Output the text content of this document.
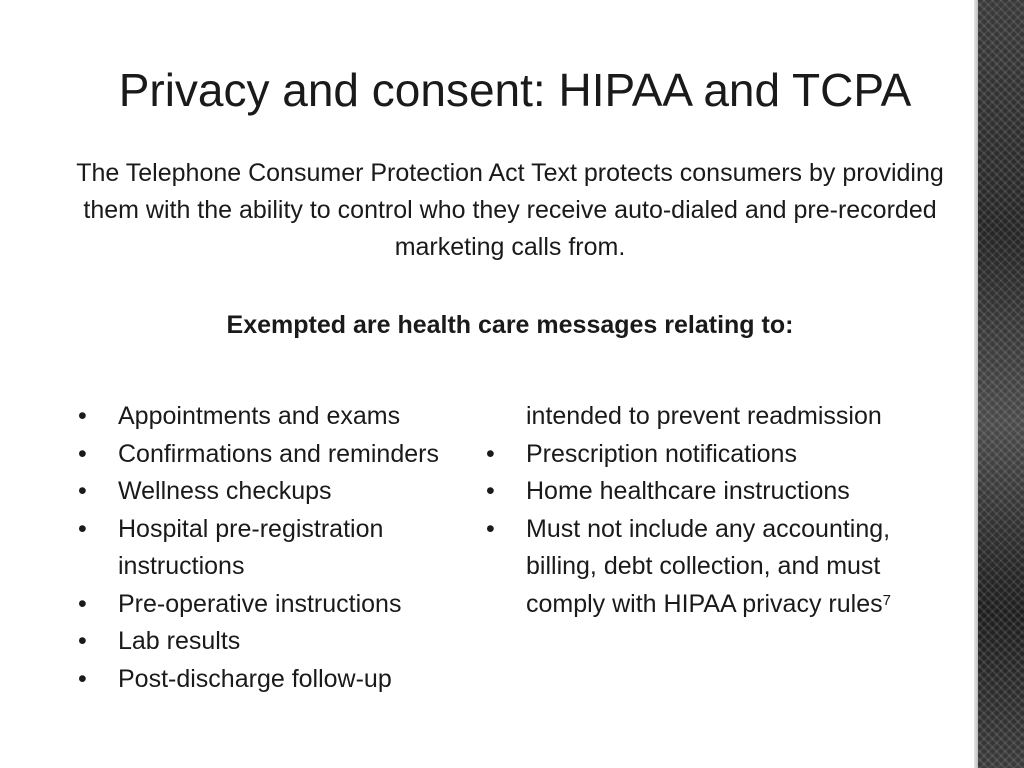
Privacy and consent: HIPAA and TCPA

The Telephone Consumer Protection Act Text protects consumers by providing them with the ability to control who they receive auto-dialed and pre-recorded marketing calls from.

Exempted are health care messages relating to:

•	Appointments and exams
•	Confirmations and reminders
•	Wellness checkups
•	Hospital pre-registration instructions
•	Pre-operative instructions
•	Lab results
•	Post-discharge follow-up
intended to prevent readmission
•	Prescription notifications
•	Home healthcare instructions
•	Must not include any accounting, billing, debt collection, and must comply with HIPAA privacy rules$^7$
